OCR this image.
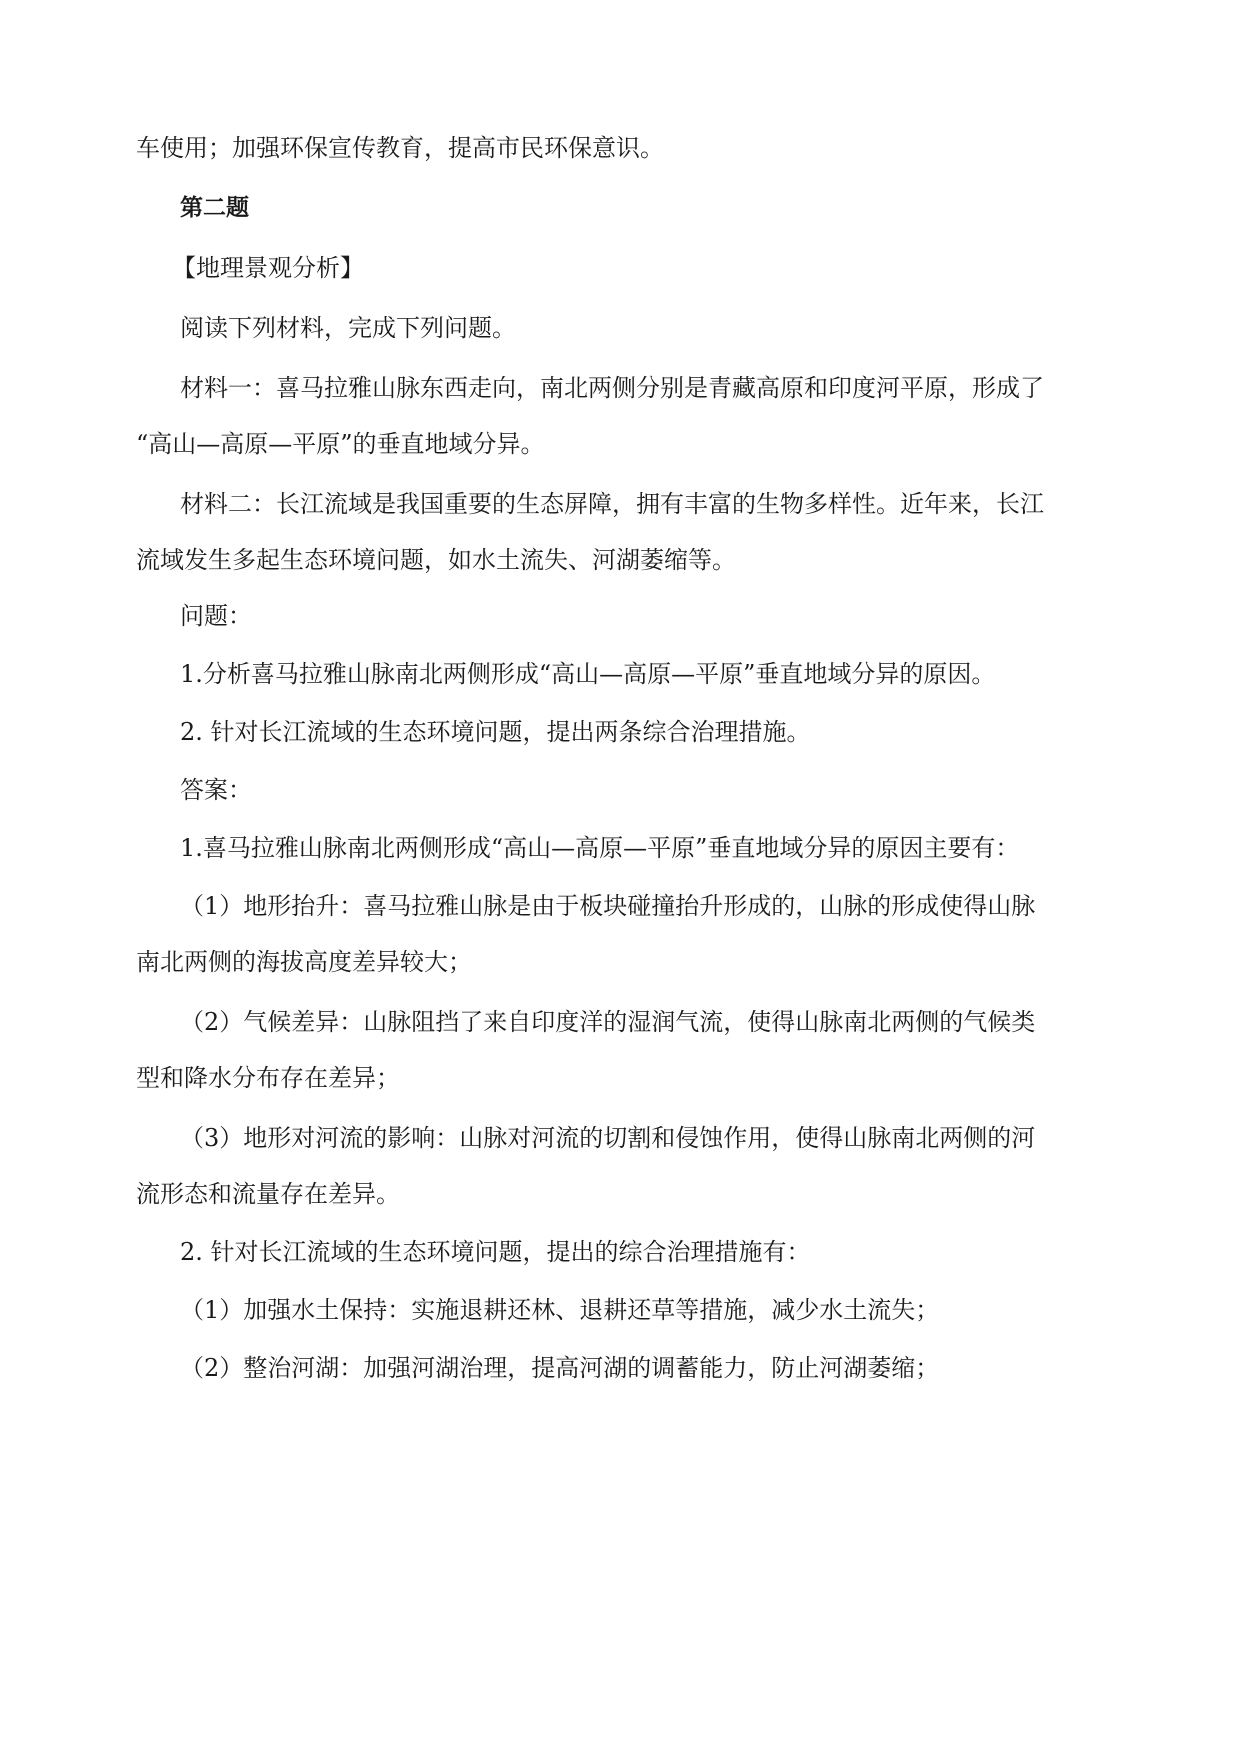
车使用；加强环保宣传教育，提高市民环保意识。
第二题
【地理景观分析】
阅读下列材料，完成下列问题。
材料一：喜马拉雅山脉东西走向，南北两侧分别是青藏高原和印度河平原，形成了
“高山—高原—平原”的垂直地域分异。
材料二：长江流域是我国重要的生态屏障，拥有丰富的生物多样性。近年来，长江
流域发生多起生态环境问题，如水土流失、河湖萎缩等。
问题：
1.分析喜马拉雅山脉南北两侧形成“高山—高原—平原”垂直地域分异的原因。
2. 针对长江流域的生态环境问题，提出两条综合治理措施。
答案：
1.喜马拉雅山脉南北两侧形成“高山—高原—平原”垂直地域分异的原因主要有：
（1）地形抬升：喜马拉雅山脉是由于板块碰撞抬升形成的，山脉的形成使得山脉
南北两侧的海拔高度差异较大；
（2）气候差异：山脉阻挡了来自印度洋的湿润气流，使得山脉南北两侧的气候类
型和降水分布存在差异；
（3）地形对河流的影响：山脉对河流的切割和侵蚀作用，使得山脉南北两侧的河
流形态和流量存在差异。
2. 针对长江流域的生态环境问题，提出的综合治理措施有：
（1）加强水土保持：实施退耕还林、退耕还草等措施，减少水土流失；
（2）整治河湖：加强河湖治理，提高河湖的调蓄能力，防止河湖萎缩；
